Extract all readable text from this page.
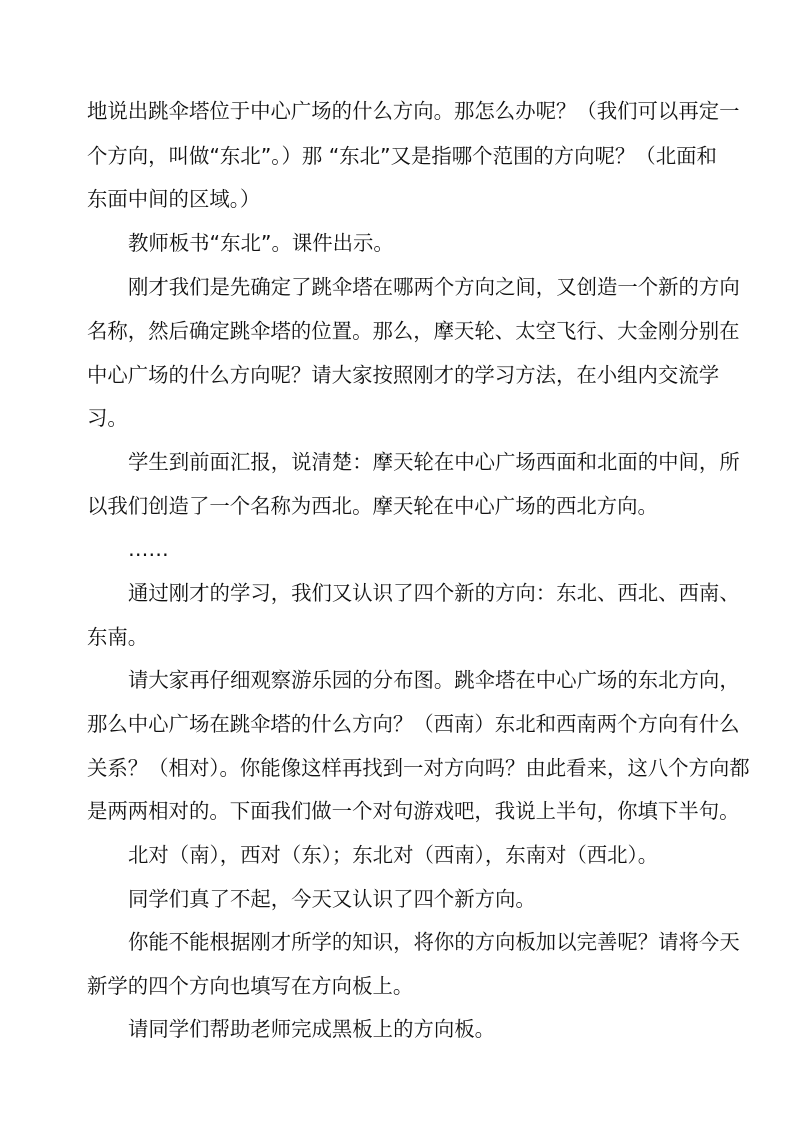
地说出跳伞塔位于中心广场的什么方向。那怎么办呢？（我们可以再定一

个方向，叫做“东北”。）那 “东北”又是指哪个范围的方向呢？（北面和

东面中间的区域。）

教师板书“东北”。课件出示。

刚才我们是先确定了跳伞塔在哪两个方向之间，又创造一个新的方向

名称，然后确定跳伞塔的位置。那么，摩天轮、太空飞行、大金刚分别在

中心广场的什么方向呢？请大家按照刚才的学习方法，在小组内交流学

习。

学生到前面汇报，说清楚：摩天轮在中心广场西面和北面的中间，所

以我们创造了一个名称为西北。摩天轮在中心广场的西北方向。

……

通过刚才的学习，我们又认识了四个新的方向：东北、西北、西南、

东南。

请大家再仔细观察游乐园的分布图。跳伞塔在中心广场的东北方向，

那么中心广场在跳伞塔的什么方向？（西南）东北和西南两个方向有什么

关系？（相对）。你能像这样再找到一对方向吗？由此看来，这八个方向都

是两两相对的。下面我们做一个对句游戏吧，我说上半句，你填下半句。

北对（南），西对（东）；东北对（西南），东南对（西北）。

同学们真了不起，今天又认识了四个新方向。

你能不能根据刚才所学的知识，将你的方向板加以完善呢？请将今天

新学的四个方向也填写在方向板上。

请同学们帮助老师完成黑板上的方向板。
